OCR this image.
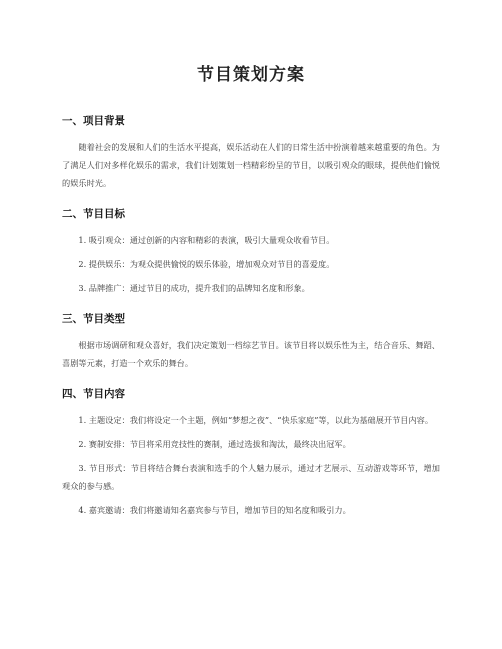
节目策划方案
一、项目背景

随着社会的发展和人们的生活水平提高，娱乐活动在人们的日常生活中扮演着越来越重要的角色。为了满足人们对多样化娱乐的需求，我们计划策划一档精彩纷呈的节目，以吸引观众的眼球，提供他们愉悦的娱乐时光。

二、节目目标

1. 吸引观众：通过创新的内容和精彩的表演，吸引大量观众收看节目。

2. 提供娱乐：为观众提供愉悦的娱乐体验，增加观众对节目的喜爱度。

3. 品牌推广：通过节目的成功，提升我们的品牌知名度和形象。

三、节目类型

根据市场调研和观众喜好，我们决定策划一档综艺节目。该节目将以娱乐性为主，结合音乐、舞蹈、喜剧等元素，打造一个欢乐的舞台。

四、节目内容

1. 主题设定：我们将设定一个主题，例如“梦想之夜”、“快乐家庭”等，以此为基础展开节目内容。

2. 赛制安排：节目将采用竞技性的赛制，通过选拔和淘汰，最终决出冠军。

3. 节目形式：节目将结合舞台表演和选手的个人魅力展示，通过才艺展示、互动游戏等环节，增加观众的参与感。

4. 嘉宾邀请：我们将邀请知名嘉宾参与节目，增加节目的知名度和吸引力。
